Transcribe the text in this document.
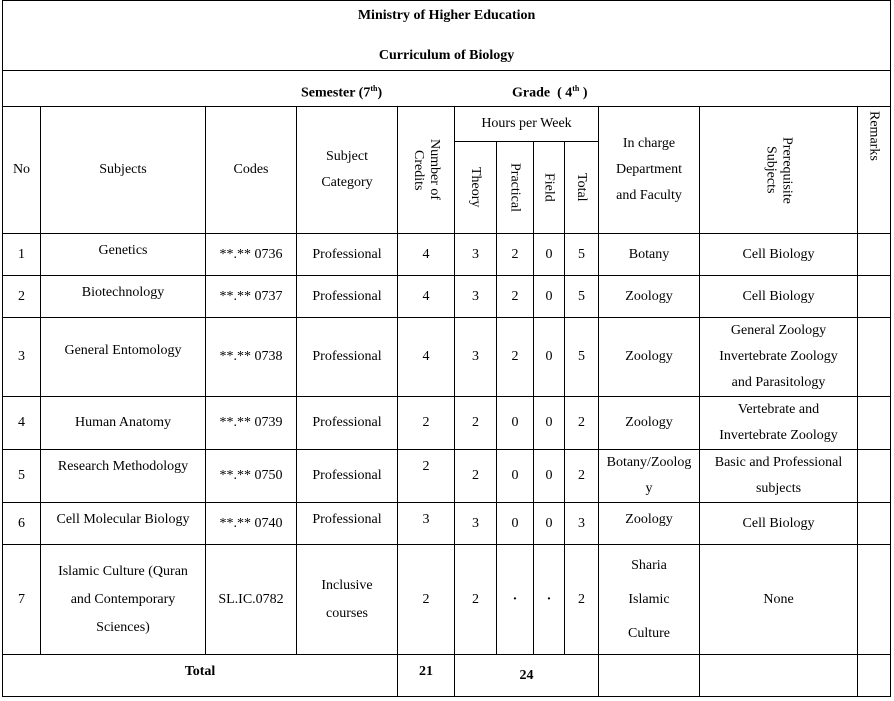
Ministry of Higher Education
Curriculum of Biology											

Semester (7th) Grade  ( 4th )											

No	Subjects	Codes	Subject Category	Number of Credits	Hours per Week				In charge Department and Faculty	Prerequisite Subjects	Remarks

					Theory	Practical	Field	Total			

1	Genetics	**.** 0736	Professional	4	3	2	0	5	Botany	Cell Biology	
2	Biotechnology	**.** 0737	Professional	4	3	2	0	5	Zoology	Cell Biology	
3	General Entomology	**.** 0738	Professional	4	3	2	0	5	Zoology	General Zoology Invertebrate Zoology and Parasitology	
4	Human Anatomy	**.** 0739	Professional	2	2	0	0	2	Zoology	Vertebrate and Invertebrate Zoology	
5	Research Methodology	**.** 0750	Professional	2	2	0	0	2	Botany/Zoology	Basic and Professional subjects	
6	Cell Molecular Biology	**.** 0740	Professional	3	3	0	0	3	Zoology	Cell Biology	
7	Islamic Culture (Quran and Contemporary Sciences)	SL.IC.0782	Inclusive courses	2	2	·	·	2	Sharia Islamic Culture	None	
Total				21	24						
